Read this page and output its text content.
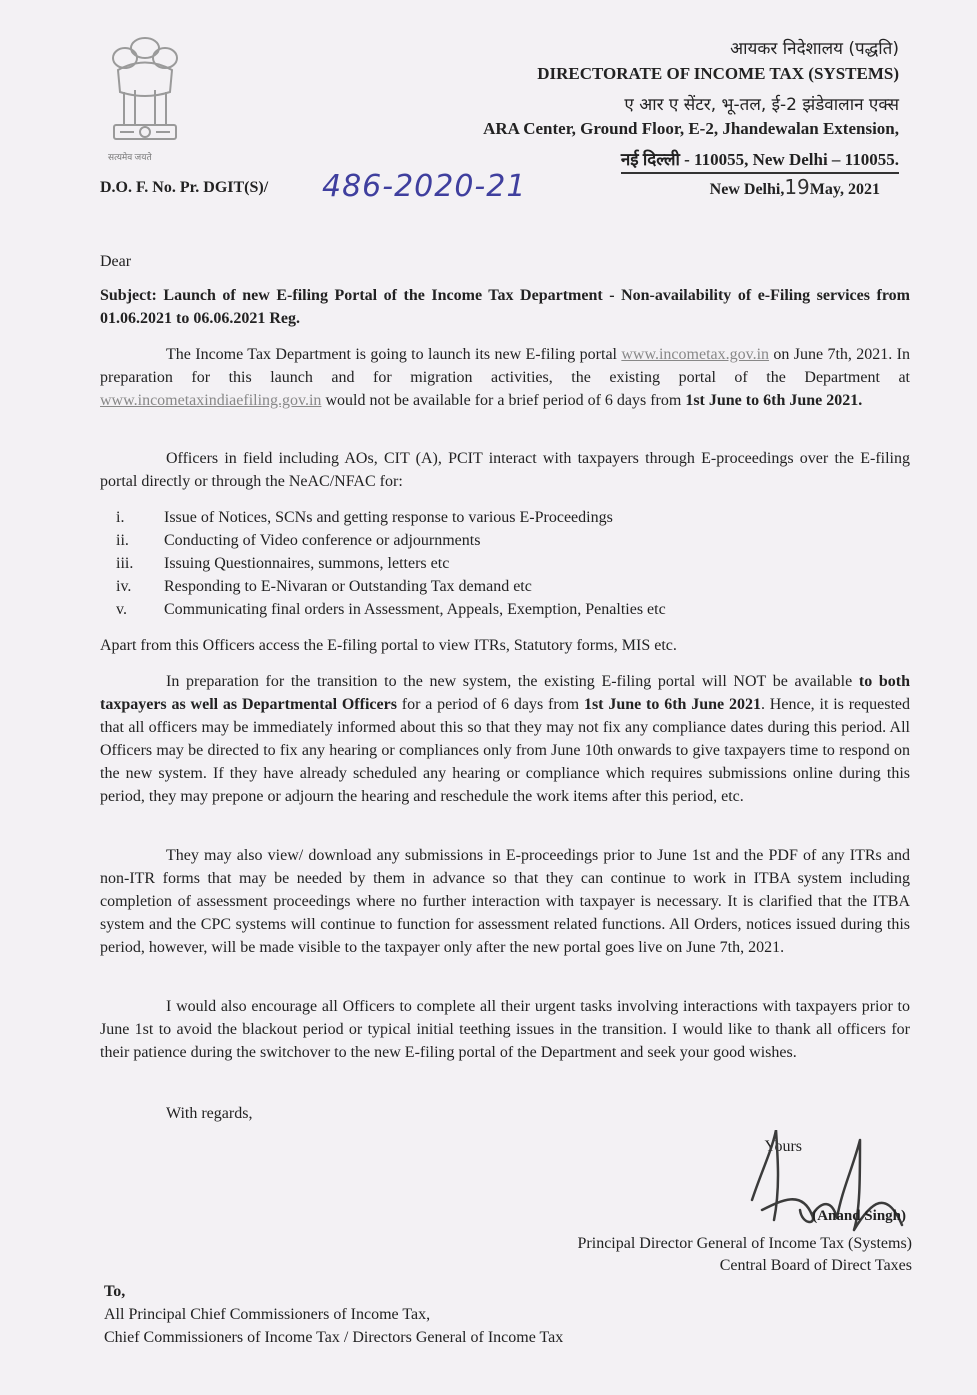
सत्यमेव जयते
आयकर निदेशालय (पद्धति)
DIRECTORATE OF INCOME TAX (SYSTEMS)
ए आर ए सेंटर, भू-तल, ई-2 झंडेवालान एक्स
ARA Center, Ground Floor, E-2, Jhandewalan Extension,
नई दिल्ली - 110055, New Delhi – 110055.
D.O. F. No. Pr. DGIT(S)/ 486-2020-21	New Delhi,19May, 2021
Dear
Subject: Launch of new E-filing Portal of the Income Tax Department - Non-availability of e-Filing services from 01.06.2021 to 06.06.2021 Reg.
The Income Tax Department is going to launch its new E-filing portal www.incometax.gov.in on June 7th, 2021. In preparation for this launch and for migration activities, the existing portal of the Department at www.incometaxindiaefiling.gov.in would not be available for a brief period of 6 days from 1st June to 6th June 2021.
Officers in field including AOs, CIT (A), PCIT interact with taxpayers through E-proceedings over the E-filing portal directly or through the NeAC/NFAC for:
i.	Issue of Notices, SCNs and getting response to various E-Proceedings
ii.	Conducting of Video conference or adjournments
iii.	Issuing Questionnaires, summons, letters etc
iv.	Responding to E-Nivaran or Outstanding Tax demand etc
v.	Communicating final orders in Assessment, Appeals, Exemption, Penalties etc
Apart from this Officers access the E-filing portal to view ITRs, Statutory forms, MIS etc.
In preparation for the transition to the new system, the existing E-filing portal will NOT be available to both taxpayers as well as Departmental Officers for a period of 6 days from 1st June to 6th June 2021. Hence, it is requested that all officers may be immediately informed about this so that they may not fix any compliance dates during this period. All Officers may be directed to fix any hearing or compliances only from June 10th onwards to give taxpayers time to respond on the new system. If they have already scheduled any hearing or compliance which requires submissions online during this period, they may prepone or adjourn the hearing and reschedule the work items after this period, etc.
They may also view/ download any submissions in E-proceedings prior to June 1st and the PDF of any ITRs and non-ITR forms that may be needed by them in advance so that they can continue to work in ITBA system including completion of assessment proceedings where no further interaction with taxpayer is necessary. It is clarified that the ITBA system and the CPC systems will continue to function for assessment related functions. All Orders, notices issued during this period, however, will be made visible to the taxpayer only after the new portal goes live on June 7th, 2021.
I would also encourage all Officers to complete all their urgent tasks involving interactions with taxpayers prior to June 1st to avoid the blackout period or typical initial teething issues in the transition. I would like to thank all officers for their patience during the switchover to the new E-filing portal of the Department and seek your good wishes.
With regards,
Yours
(Anand Singh)
Principal Director General of Income Tax (Systems)
Central Board of Direct Taxes
To,
All Principal Chief Commissioners of Income Tax,
Chief Commissioners of Income Tax / Directors General of Income Tax
